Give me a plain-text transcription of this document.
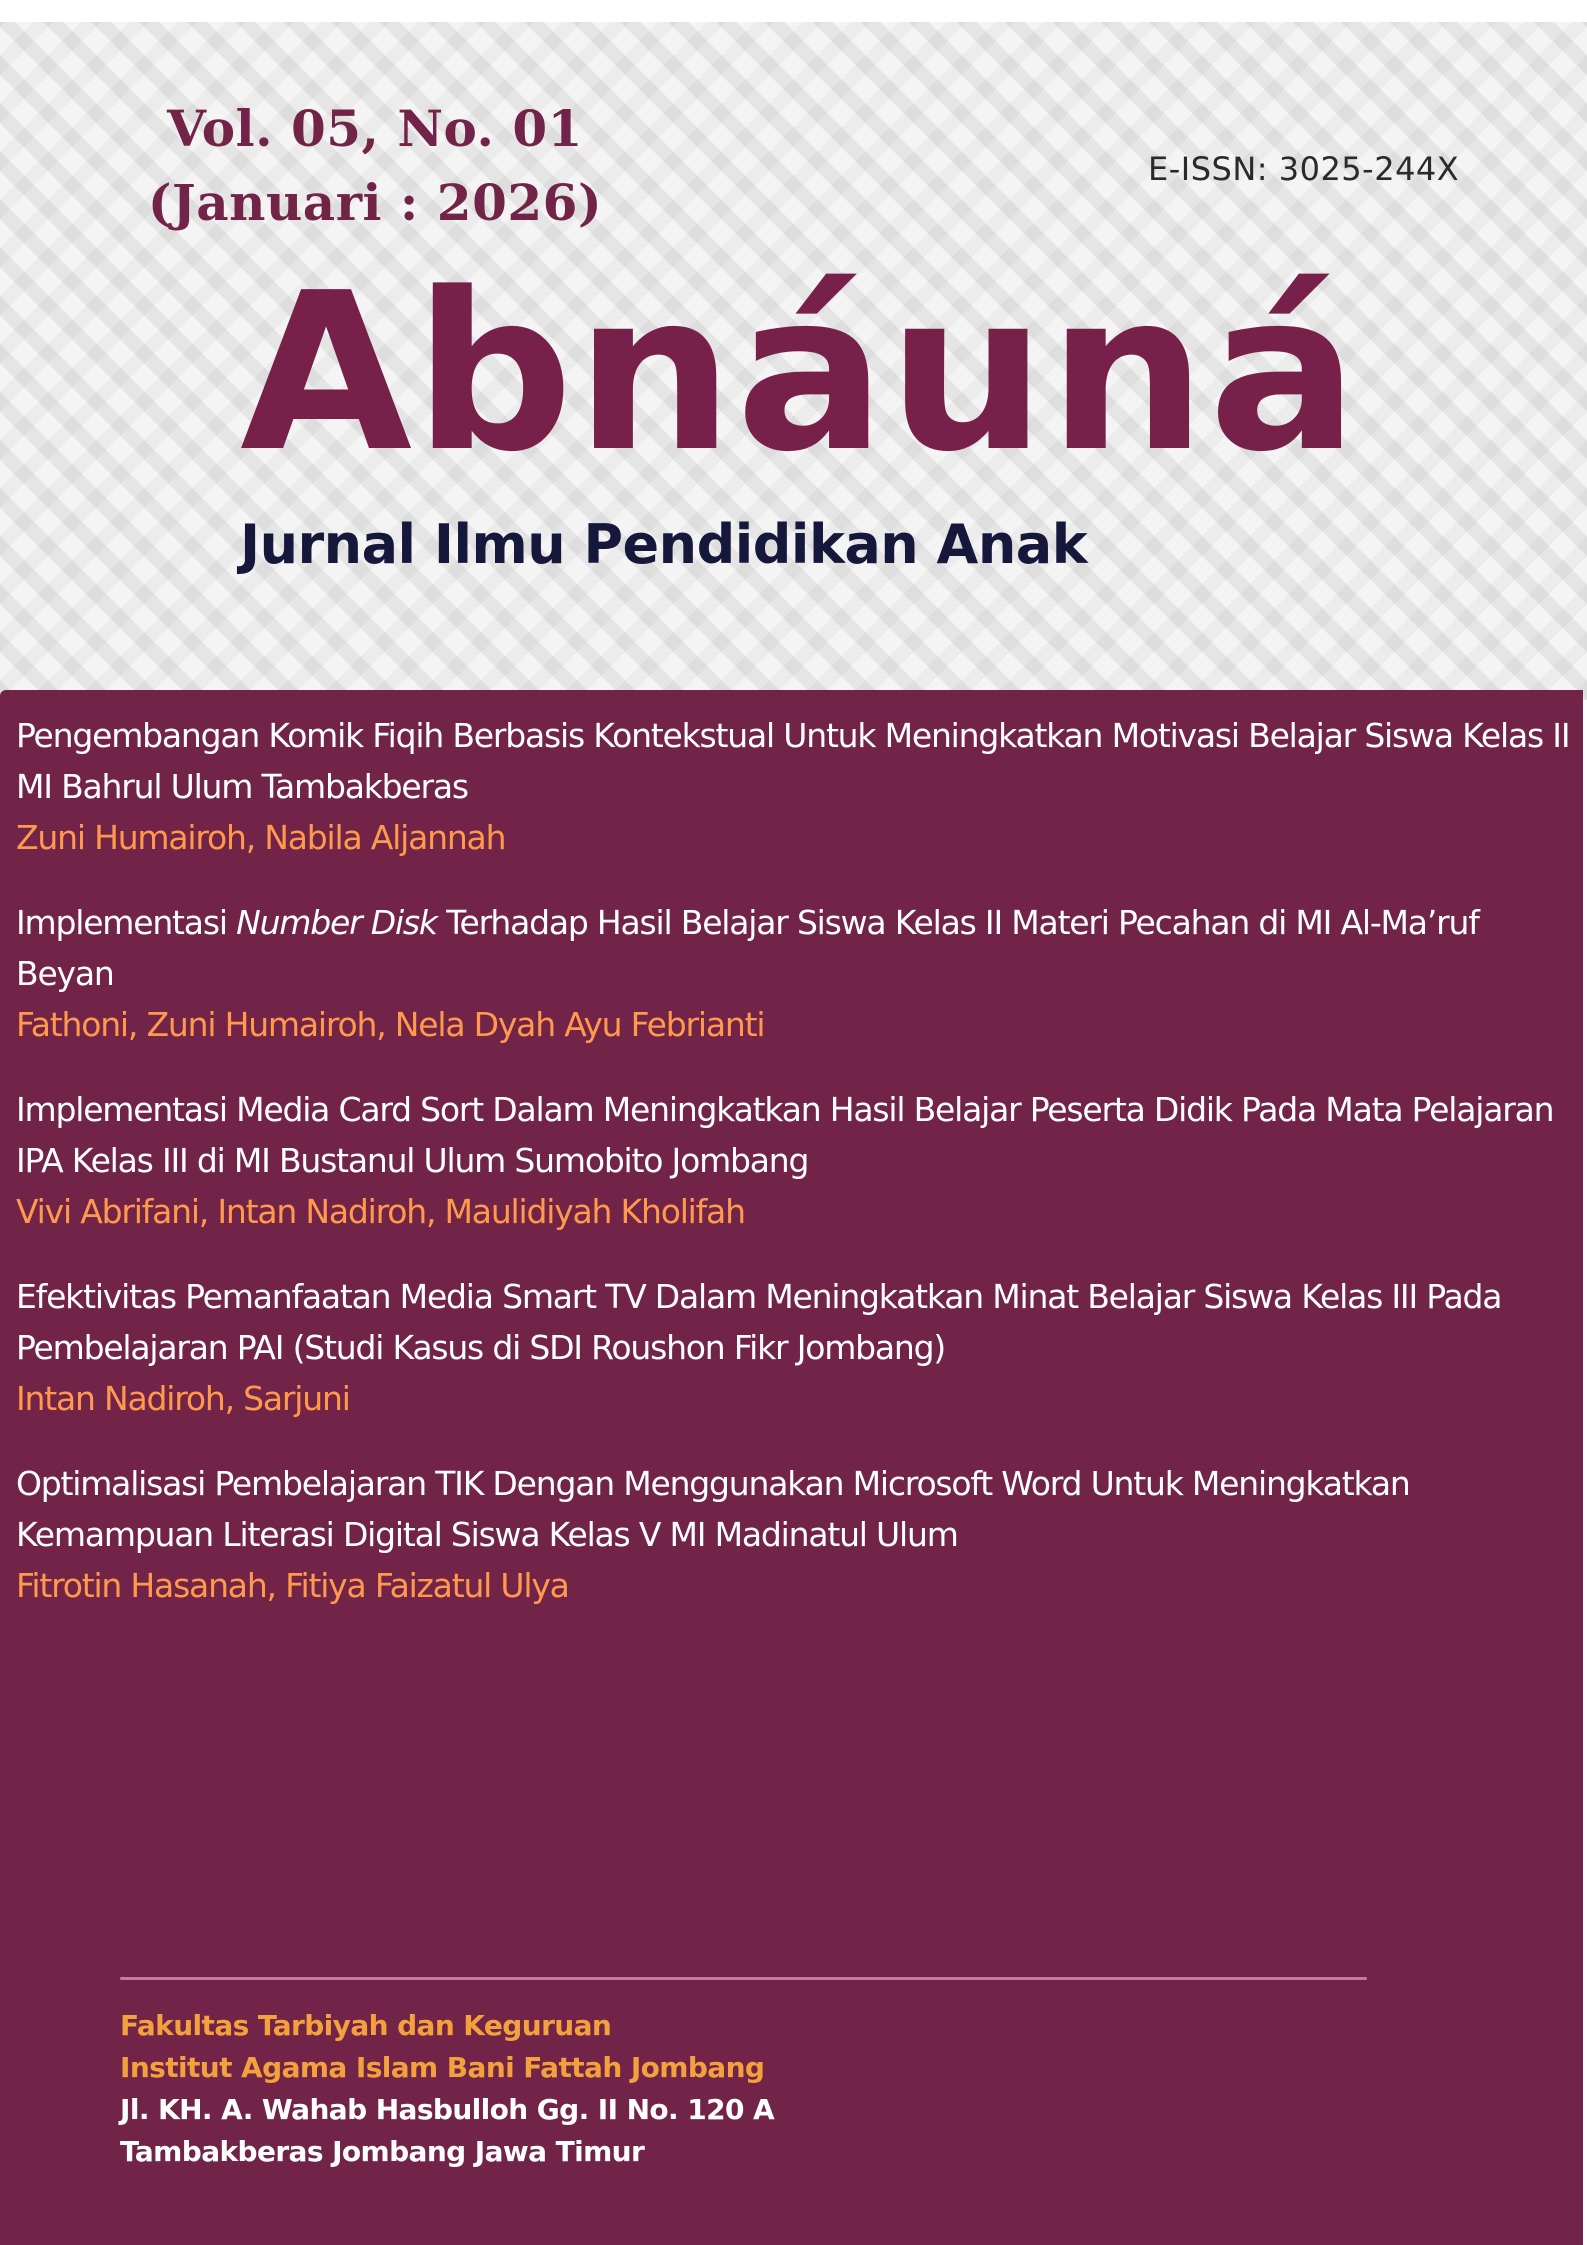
Vol. 05, No. 01
(Januari : 2026)
E-ISSN: 3025-244X
Abnáuná
Jurnal Ilmu Pendidikan Anak
Pengembangan Komik Fiqih Berbasis Kontekstual Untuk Meningkatkan Motivasi Belajar Siswa Kelas II MI Bahrul Ulum Tambakberas
Zuni Humairoh, Nabila Aljannah
Implementasi Number Disk Terhadap Hasil Belajar Siswa Kelas II Materi Pecahan di MI Al-Ma’ruf Beyan
Fathoni, Zuni Humairoh, Nela Dyah Ayu Febrianti
Implementasi Media Card Sort Dalam Meningkatkan Hasil Belajar Peserta Didik Pada Mata Pelajaran IPA Kelas III di MI Bustanul Ulum Sumobito Jombang
Vivi Abrifani, Intan Nadiroh, Maulidiyah Kholifah
Efektivitas Pemanfaatan Media Smart TV Dalam Meningkatkan Minat Belajar Siswa Kelas III Pada Pembelajaran PAI (Studi Kasus di SDI Roushon Fikr Jombang)
Intan Nadiroh, Sarjuni
Optimalisasi Pembelajaran TIK Dengan Menggunakan Microsoft Word Untuk Meningkatkan Kemampuan Literasi Digital Siswa Kelas V MI Madinatul Ulum
Fitrotin Hasanah, Fitiya Faizatul Ulya
Fakultas Tarbiyah dan Keguruan
Institut Agama Islam Bani Fattah Jombang
Jl. KH. A. Wahab Hasbulloh Gg. II No. 120 A
Tambakberas Jombang Jawa Timur
